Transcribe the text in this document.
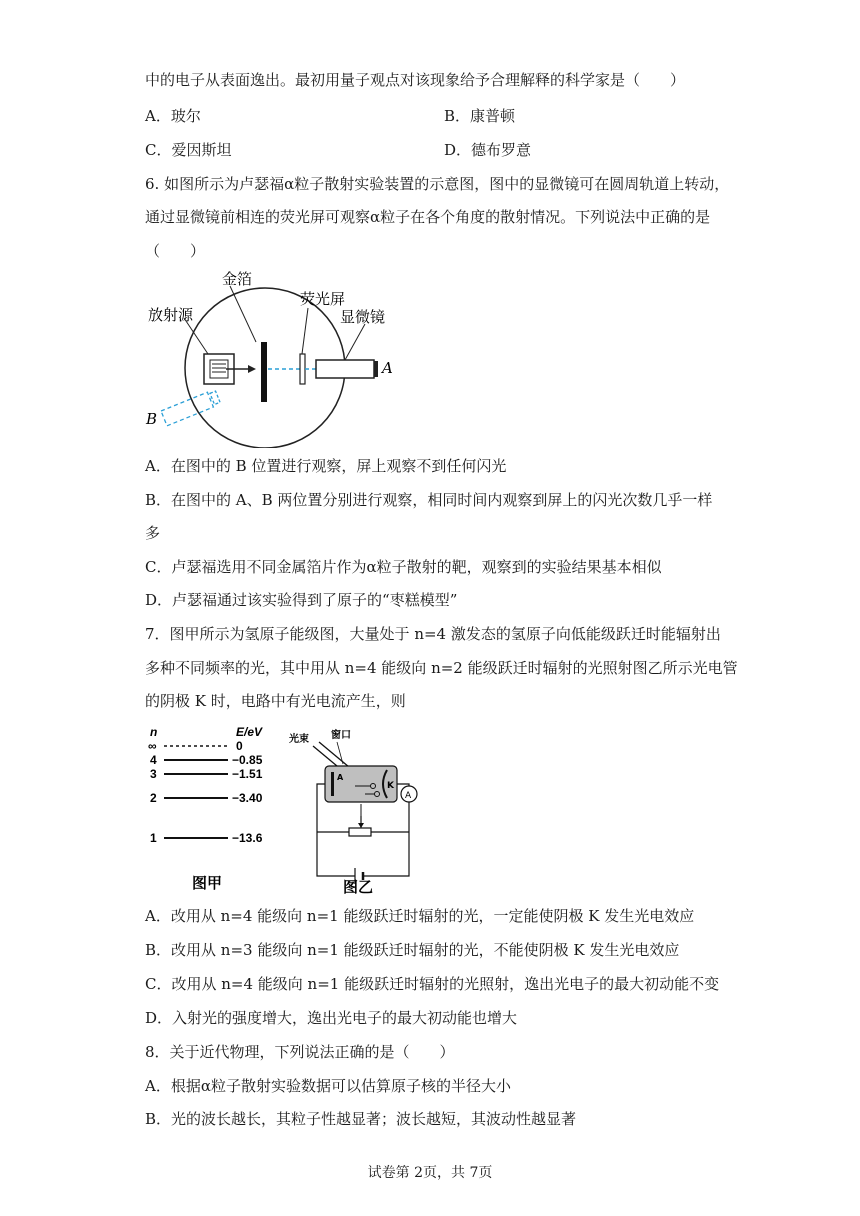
中的电子从表面逸出。最初用量子观点对该现象给予合理解释的科学家是（　　）
A．玻尔	B．康普顿
C．爱因斯坦	D．德布罗意
6. 如图所示为卢瑟福α粒子散射实验装置的示意图，图中的显微镜可在圆周轨道上转动，
通过显微镜前相连的荧光屏可观察α粒子在各个角度的散射情况。下列说法中正确的是
（　　）
金箔
放射源
荧光屏
显微镜
A
B
A．在图中的 B 位置进行观察，屏上观察不到任何闪光
B．在图中的 A、B 两位置分别进行观察，相同时间内观察到屏上的闪光次数几乎一样
多
C．卢瑟福选用不同金属箔片作为α粒子散射的靶，观察到的实验结果基本相似
D．卢瑟福通过该实验得到了原子的“枣糕模型”
7．图甲所示为氢原子能级图，大量处于 n=4 激发态的氢原子向低能级跃迁时能辐射出
多种不同频率的光，其中用从 n=4 能级向 n=2 能级跃迁时辐射的光照射图乙所示光电管
的阴极 K 时，电路中有光电流产生，则
n	E/eV
∞	0
4	−0.85
3	−1.51
2	−3.40
1	−13.6
图甲
光束 窗口
A
K
A
图乙
A．改用从 n=4 能级向 n=1 能级跃迁时辐射的光，一定能使阴极 K 发生光电效应
B．改用从 n=3 能级向 n=1 能级跃迁时辐射的光，不能使阴极 K 发生光电效应
C．改用从 n=4 能级向 n=1 能级跃迁时辐射的光照射，逸出光电子的最大初动能不变
D．入射光的强度增大，逸出光电子的最大初动能也增大
8．关于近代物理，下列说法正确的是（　　）
A．根据α粒子散射实验数据可以估算原子核的半径大小
B．光的波长越长，其粒子性越显著；波长越短，其波动性越显著
试卷第 2页，共 7页
